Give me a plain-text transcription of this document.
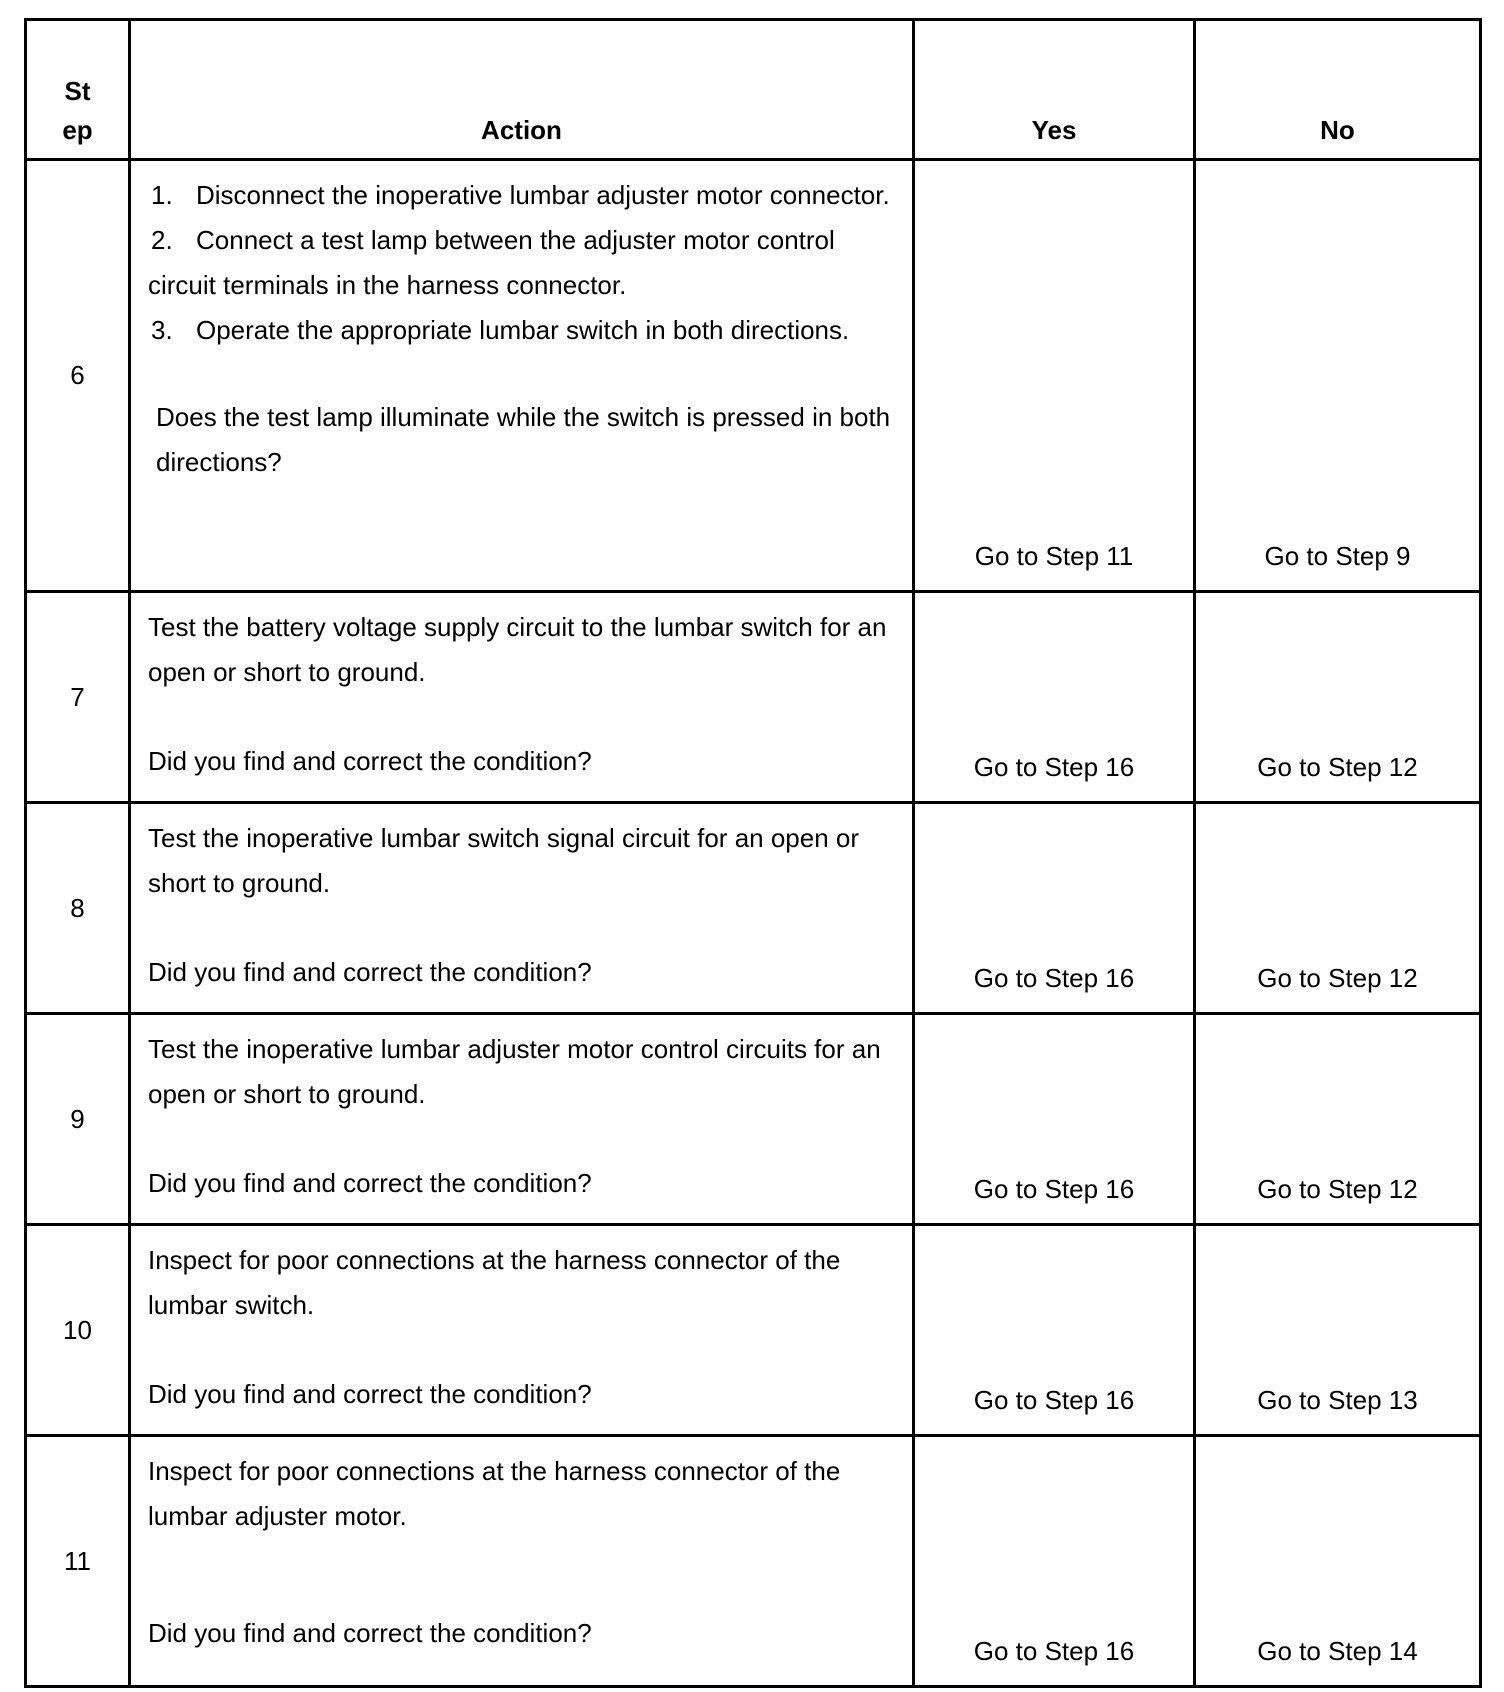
St
ep	Action	Yes	No
6	1. Disconnect the inoperative lumbar adjuster motor connector.
2. Connect a test lamp between the adjuster motor control circuit terminals in the harness connector.
3. Operate the appropriate lumbar switch in both directions.
Does the test lamp illuminate while the switch is pressed in both directions?	Go to Step 11	Go to Step 9
7	Test the battery voltage supply circuit to the lumbar switch for an open or short to ground.
Did you find and correct the condition?	Go to Step 16	Go to Step 12
8	Test the inoperative lumbar switch signal circuit for an open or short to ground.
Did you find and correct the condition?	Go to Step 16	Go to Step 12
9	Test the inoperative lumbar adjuster motor control circuits for an open or short to ground.
Did you find and correct the condition?	Go to Step 16	Go to Step 12
10	Inspect for poor connections at the harness connector of the lumbar switch.
Did you find and correct the condition?	Go to Step 16	Go to Step 13
11	Inspect for poor connections at the harness connector of the lumbar adjuster motor.
Did you find and correct the condition?	Go to Step 16	Go to Step 14
